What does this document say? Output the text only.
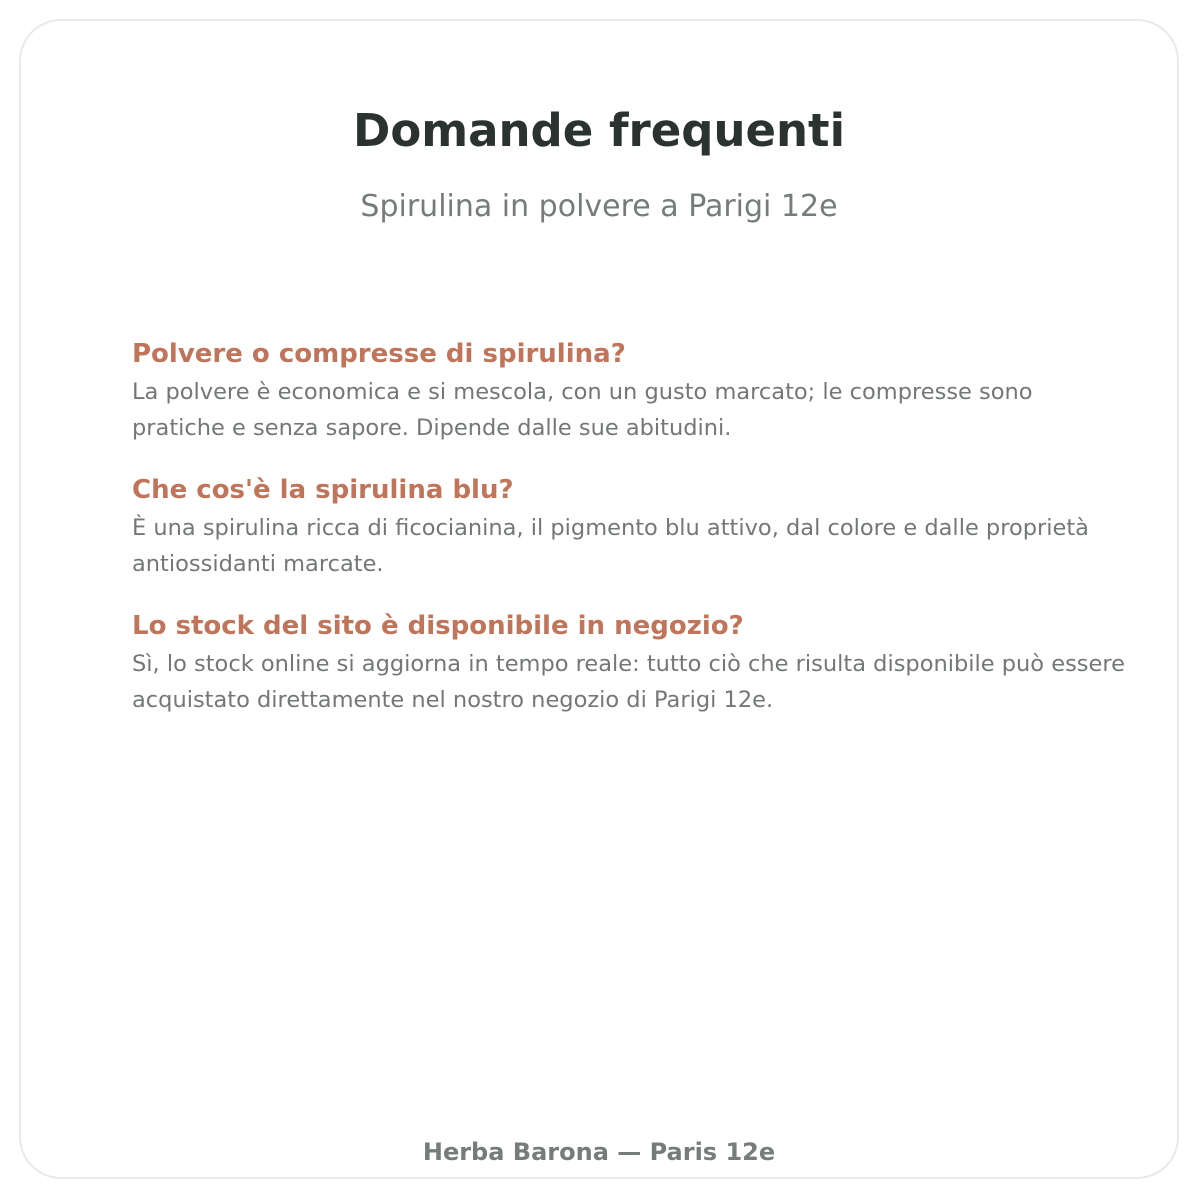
Domande frequenti

Spirulina in polvere a Parigi 12e

Polvere o compresse di spirulina?

La polvere è economica e si mescola, con un gusto marcato; le compresse sono pratiche e senza sapore. Dipende dalle sue abitudini.

Che cos'è la spirulina blu?

È una spirulina ricca di ficocianina, il pigmento blu attivo, dal colore e dalle proprietà antiossidanti marcate.

Lo stock del sito è disponibile in negozio?

Sì, lo stock online si aggiorna in tempo reale: tutto ciò che risulta disponibile può essere acquistato direttamente nel nostro negozio di Parigi 12e.

Herba Barona — Paris 12e
